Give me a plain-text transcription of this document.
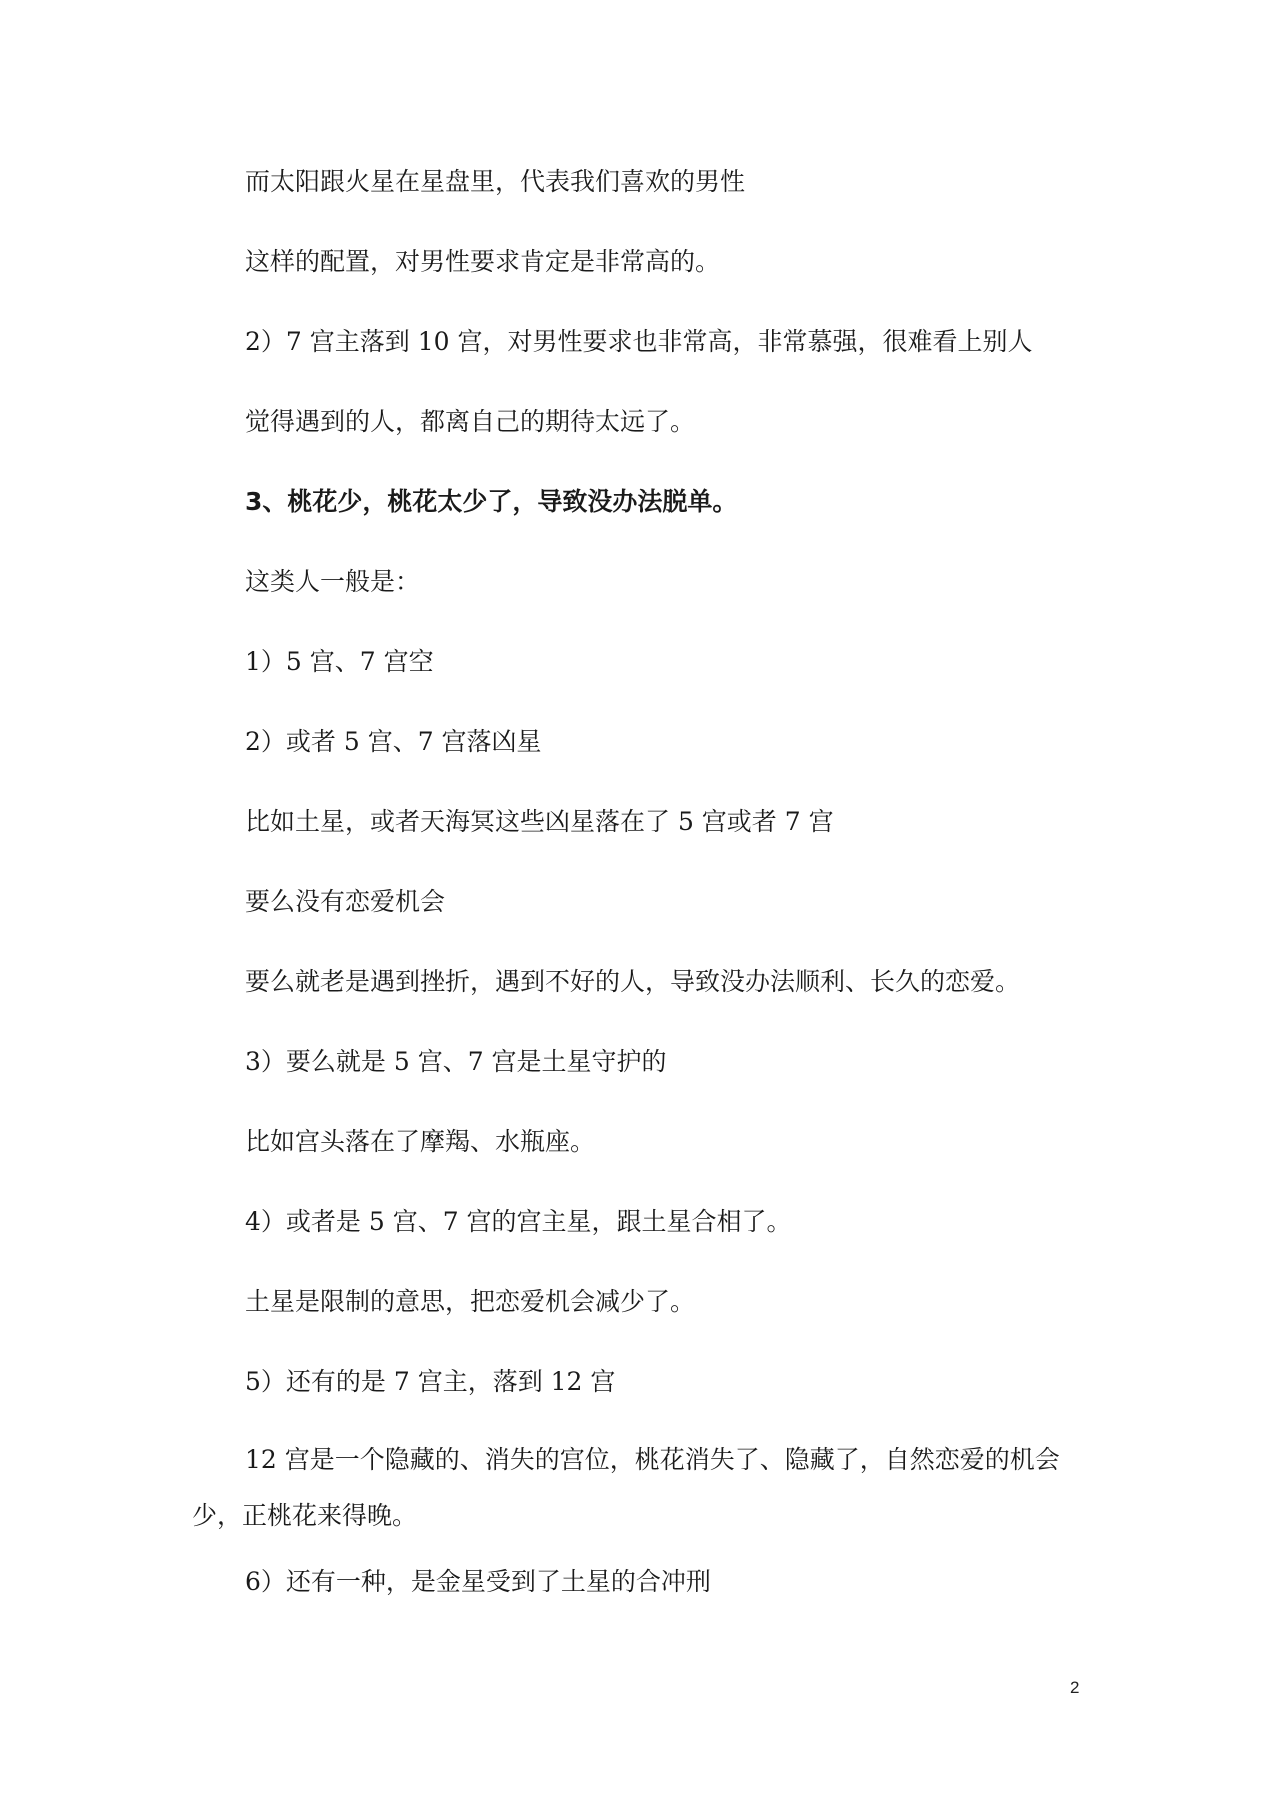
而太阳跟火星在星盘里，代表我们喜欢的男性
这样的配置，对男性要求肯定是非常高的。
2）7 宫主落到 10 宫，对男性要求也非常高，非常慕强，很难看上别人
觉得遇到的人，都离自己的期待太远了。
3、桃花少，桃花太少了，导致没办法脱单。
这类人一般是：
1）5 宫、7 宫空
2）或者 5 宫、7 宫落凶星
比如土星，或者天海冥这些凶星落在了 5 宫或者 7 宫
要么没有恋爱机会
要么就老是遇到挫折，遇到不好的人，导致没办法顺利、长久的恋爱。
3）要么就是 5 宫、7 宫是土星守护的
比如宫头落在了摩羯、水瓶座。
4）或者是 5 宫、7 宫的宫主星，跟土星合相了。
土星是限制的意思，把恋爱机会减少了。
5）还有的是 7 宫主，落到 12 宫

12 宫是一个隐藏的、消失的宫位，桃花消失了、隐藏了，自然恋爱的机会少，正桃花来得晚。

6）还有一种，是金星受到了土星的合冲刑
2
